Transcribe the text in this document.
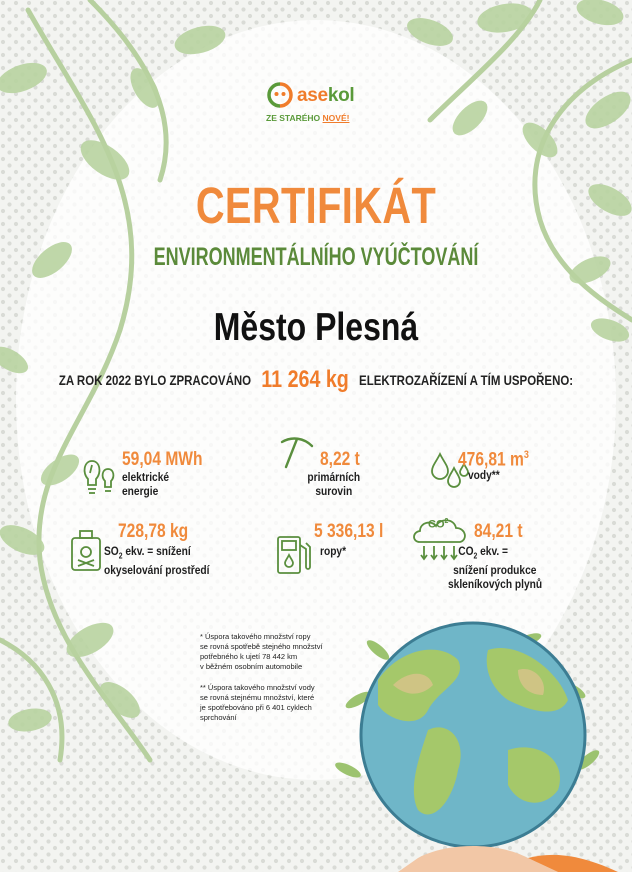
asekol
ZE STARÉHO NOVÉ!
CERTIFIKÁT
ENVIRONMENTÁLNÍHO VYÚČTOVÁNÍ
Město Plesná
ZA ROK 2022 BYLO ZPRACOVÁNO 11 264 kg ELEKTROZAŘÍZENÍ A TÍM USPOŘENO:
59,04 MWh
elektrické
energie
8,22 t
primárních
surovin
476,81 $m^3$
vody**
728,78 kg
$SO_2$ ekv. = snížení
okyselování prostředí
5 336,13 l
ropy*
$CO^2$ 84,21 t
$CO_2$ ekv. =
snížení produkce
skleníkových plynů
* Úspora takového množství ropy
se rovná spotřebě stejného množství
potřebného k ujetí 78 442 km
v běžném osobním automobile
** Úspora takového množství vody
se rovná stejnému množství, které
je spotřebováno při 6 401 cyklech
sprchování
